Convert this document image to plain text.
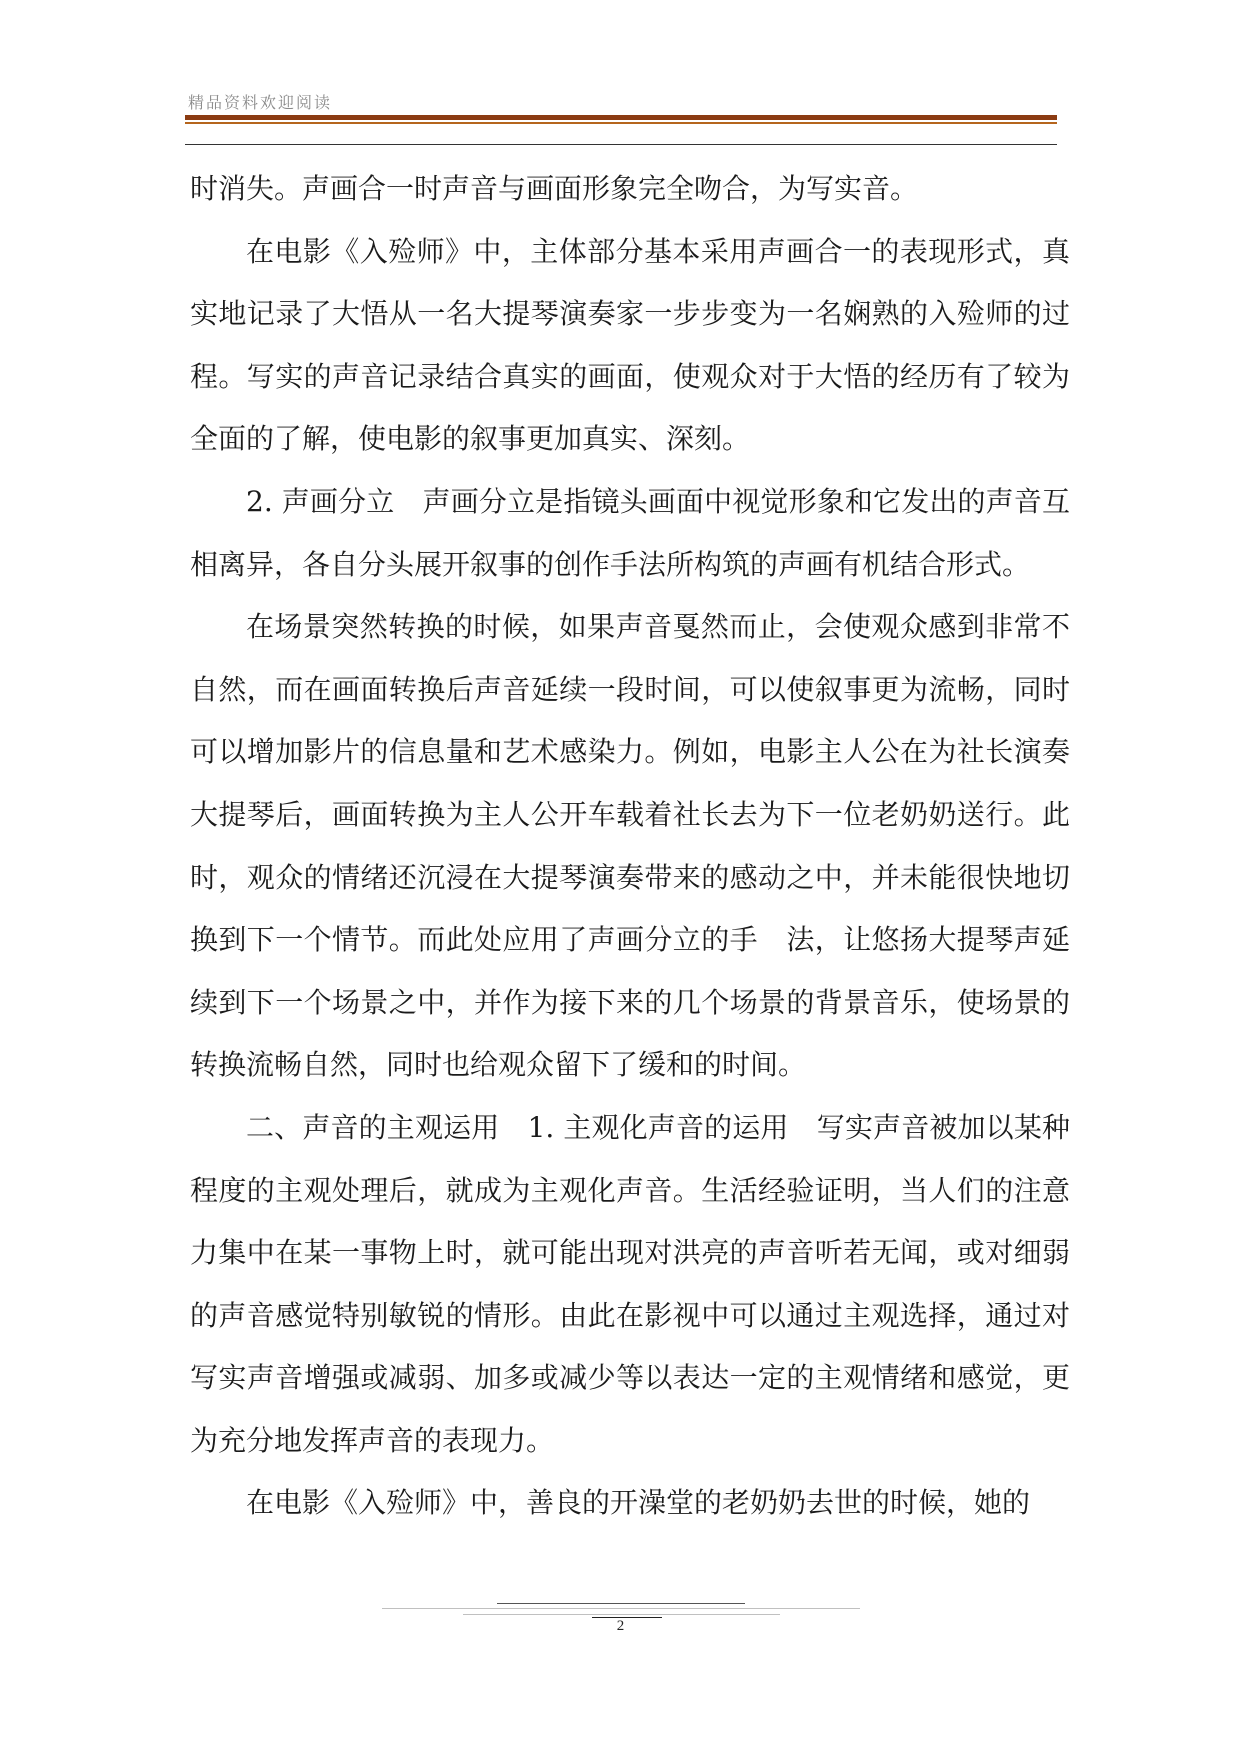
精品资料欢迎阅读

时消失。声画合一时声音与画面形象完全吻合，为写实音。

在电影《入殓师》中，主体部分基本采用声画合一的表现形式，真实地记录了大悟从一名大提琴演奏家一步步变为一名娴熟的入殓师的过程。写实的声音记录结合真实的画面，使观众对于大悟的经历有了较为全面的了解，使电影的叙事更加真实、深刻。

2. 声画分立　声画分立是指镜头画面中视觉形象和它发出的声音互相离异，各自分头展开叙事的创作手法所构筑的声画有机结合形式。

在场景突然转换的时候，如果声音戛然而止，会使观众感到非常不自然，而在画面转换后声音延续一段时间，可以使叙事更为流畅，同时可以增加影片的信息量和艺术感染力。例如，电影主人公在为社长演奏大提琴后，画面转换为主人公开车载着社长去为下一位老奶奶送行。此时，观众的情绪还沉浸在大提琴演奏带来的感动之中，并未能很快地切换到下一个情节。而此处应用了声画分立的手　法，让悠扬大提琴声延续到下一个场景之中，并作为接下来的几个场景的背景音乐，使场景的转换流畅自然，同时也给观众留下了缓和的时间。

二、声音的主观运用　1. 主观化声音的运用　写实声音被加以某种程度的主观处理后，就成为主观化声音。生活经验证明，当人们的注意力集中在某一事物上时，就可能出现对洪亮的声音听若无闻，或对细弱的声音感觉特别敏锐的情形。由此在影视中可以通过主观选择，通过对写实声音增强或减弱、加多或减少等以表达一定的主观情绪和感觉，更为充分地发挥声音的表现力。

在电影《入殓师》中，善良的开澡堂的老奶奶去世的时候，她的

2
